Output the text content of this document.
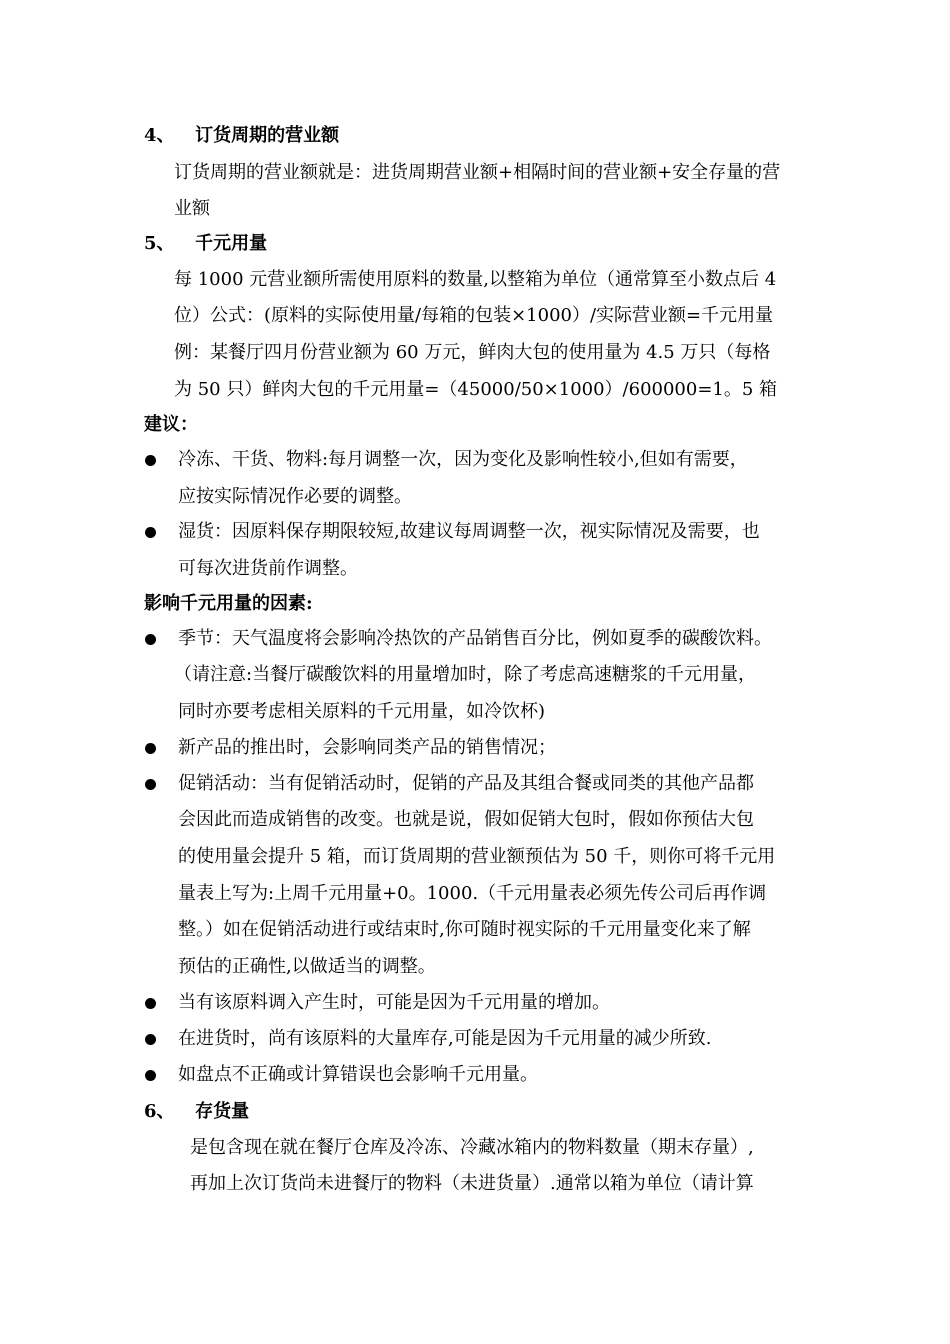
4、 订货周期的营业额
订货周期的营业额就是：进货周期营业额+相隔时间的营业额+安全存量的营
业额
5、 千元用量
每 1000 元营业额所需使用原料的数量,以整箱为单位（通常算至小数点后 4
位）公式：(原料的实际使用量/每箱的包装×1000）/实际营业额=千元用量
例：某餐厅四月份营业额为 60 万元，鲜肉大包的使用量为 4.5 万只（每格
为 50 只）鲜肉大包的千元用量=（45000/50×1000）/600000=1。5 箱
建议：
冷冻、干货、物料:每月调整一次，因为变化及影响性较小,但如有需要，
应按实际情况作必要的调整。
湿货：因原料保存期限较短,故建议每周调整一次，视实际情况及需要，也
可每次进货前作调整。
影响千元用量的因素:
季节：天气温度将会影响冷热饮的产品销售百分比，例如夏季的碳酸饮料。
（请注意:当餐厅碳酸饮料的用量增加时，除了考虑高速糖浆的千元用量，
同时亦要考虑相关原料的千元用量，如冷饮杯)
新产品的推出时，会影响同类产品的销售情况；
促销活动：当有促销活动时，促销的产品及其组合餐或同类的其他产品都
会因此而造成销售的改变。也就是说，假如促销大包时，假如你预估大包
的使用量会提升 5 箱，而订货周期的营业额预估为 50 千，则你可将千元用
量表上写为:上周千元用量+0。1000.（千元用量表必须先传公司后再作调
整。）如在促销活动进行或结束时,你可随时视实际的千元用量变化来了解
预估的正确性,以做适当的调整。
当有该原料调入产生时，可能是因为千元用量的增加。
在进货时，尚有该原料的大量库存,可能是因为千元用量的减少所致.
如盘点不正确或计算错误也会影响千元用量。
6、 存货量
是包含现在就在餐厅仓库及冷冻、冷藏冰箱内的物料数量（期末存量）,
再加上次订货尚未进餐厅的物料（未进货量）.通常以箱为单位（请计算
